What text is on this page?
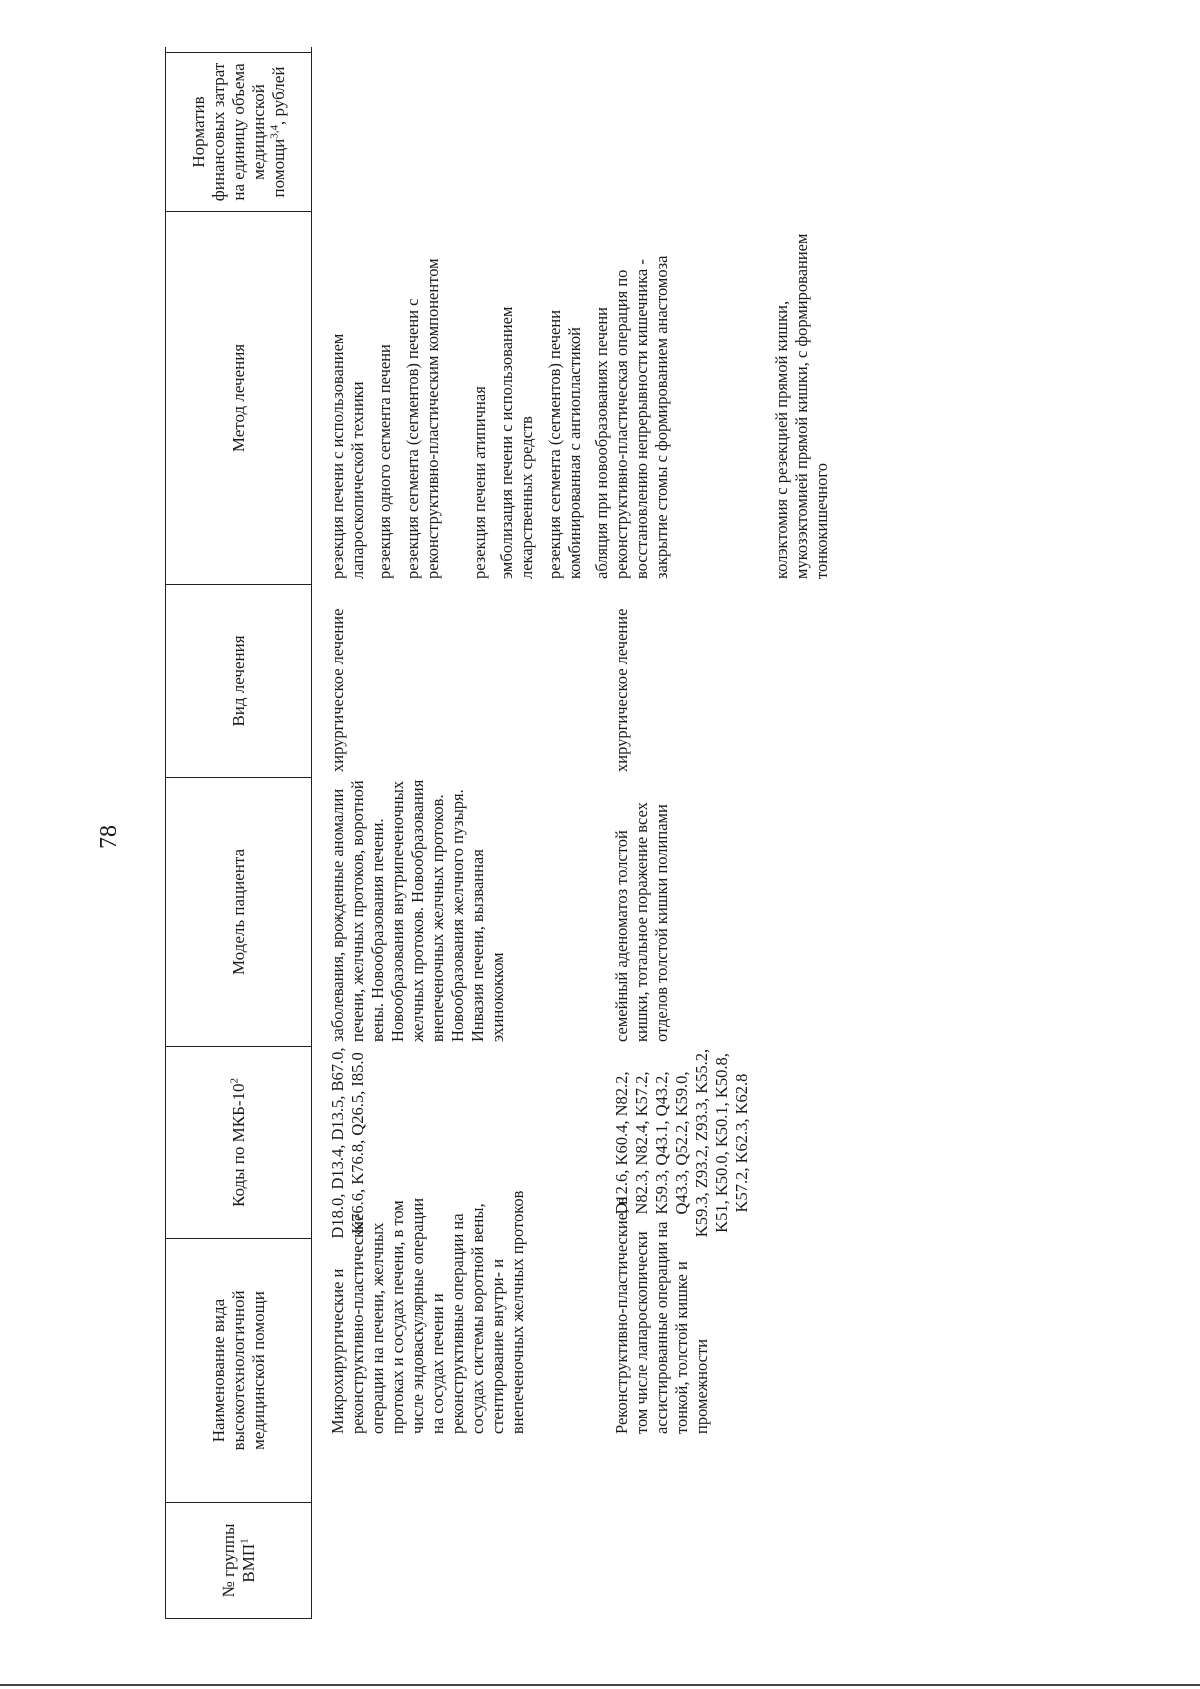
78
№ группы ВМП$^1$
Наименование вида высокотехнологичной медицинской помощи
Коды по МКБ-$10^2$
Модель пациента
Вид лечения
Метод лечения
Норматив финансовых затрат на единицу объема медицинской помощи$^{3,4}$, рублей
Микрохирургические и реконструктивно-пластические операции на печени, желчных протоках и сосудах печени, в том числе эндоваскулярные операции на сосудах печени и реконструктивные операции на сосудах системы воротной вены, стентирование внутри- и внепеченочных желчных протоков
D18.0, D13.4, D13.5, B67.0, K76.6, K76.8, Q26.5, I85.0
заболевания, врожденные аномалии печени, желчных протоков, воротной вены. Новообразования печени. Новообразования внутрипеченочных желчных протоков. Новообразования внепеченочных желчных протоков. Новообразования желчного пузыря. Инвазия печени, вызванная эхинококком
хирургическое лечение
резекция печени с использованием лапароскопической техники резекция одного сегмента печени резекция сегмента (сегментов) печени с реконструктивно-пластическим компонентом резекция печени атипичная эмболизация печени с использованием лекарственных средств резекция сегмента (сегментов) печени комбинированная с ангиопластикой абляция при новообразованиях печени
Реконструктивно-пластические, в том числе лапароскопически ассистированные операции на тонкой, толстой кишке и промежности
D12.6, K60.4, N82.2, N82.3, N82.4, K57.2, K59.3, Q43.1, Q43.2, Q43.3, Q52.2, K59.0, K59.3, Z93.2, Z93.3, K55.2, K51, K50.0, K50.1, K50.8, K57.2, K62.3, K62.8
семейный аденоматоз толстой кишки, тотальное поражение всех отделов толстой кишки полипами
хирургическое лечение
реконструктивно-пластическая операция по восстановлению непрерывности кишечника - закрытие стомы с формированием анастомоза	колэктомия с резекцией прямой кишки, мукозэктомией прямой кишки, с формированием тонкокишечного
